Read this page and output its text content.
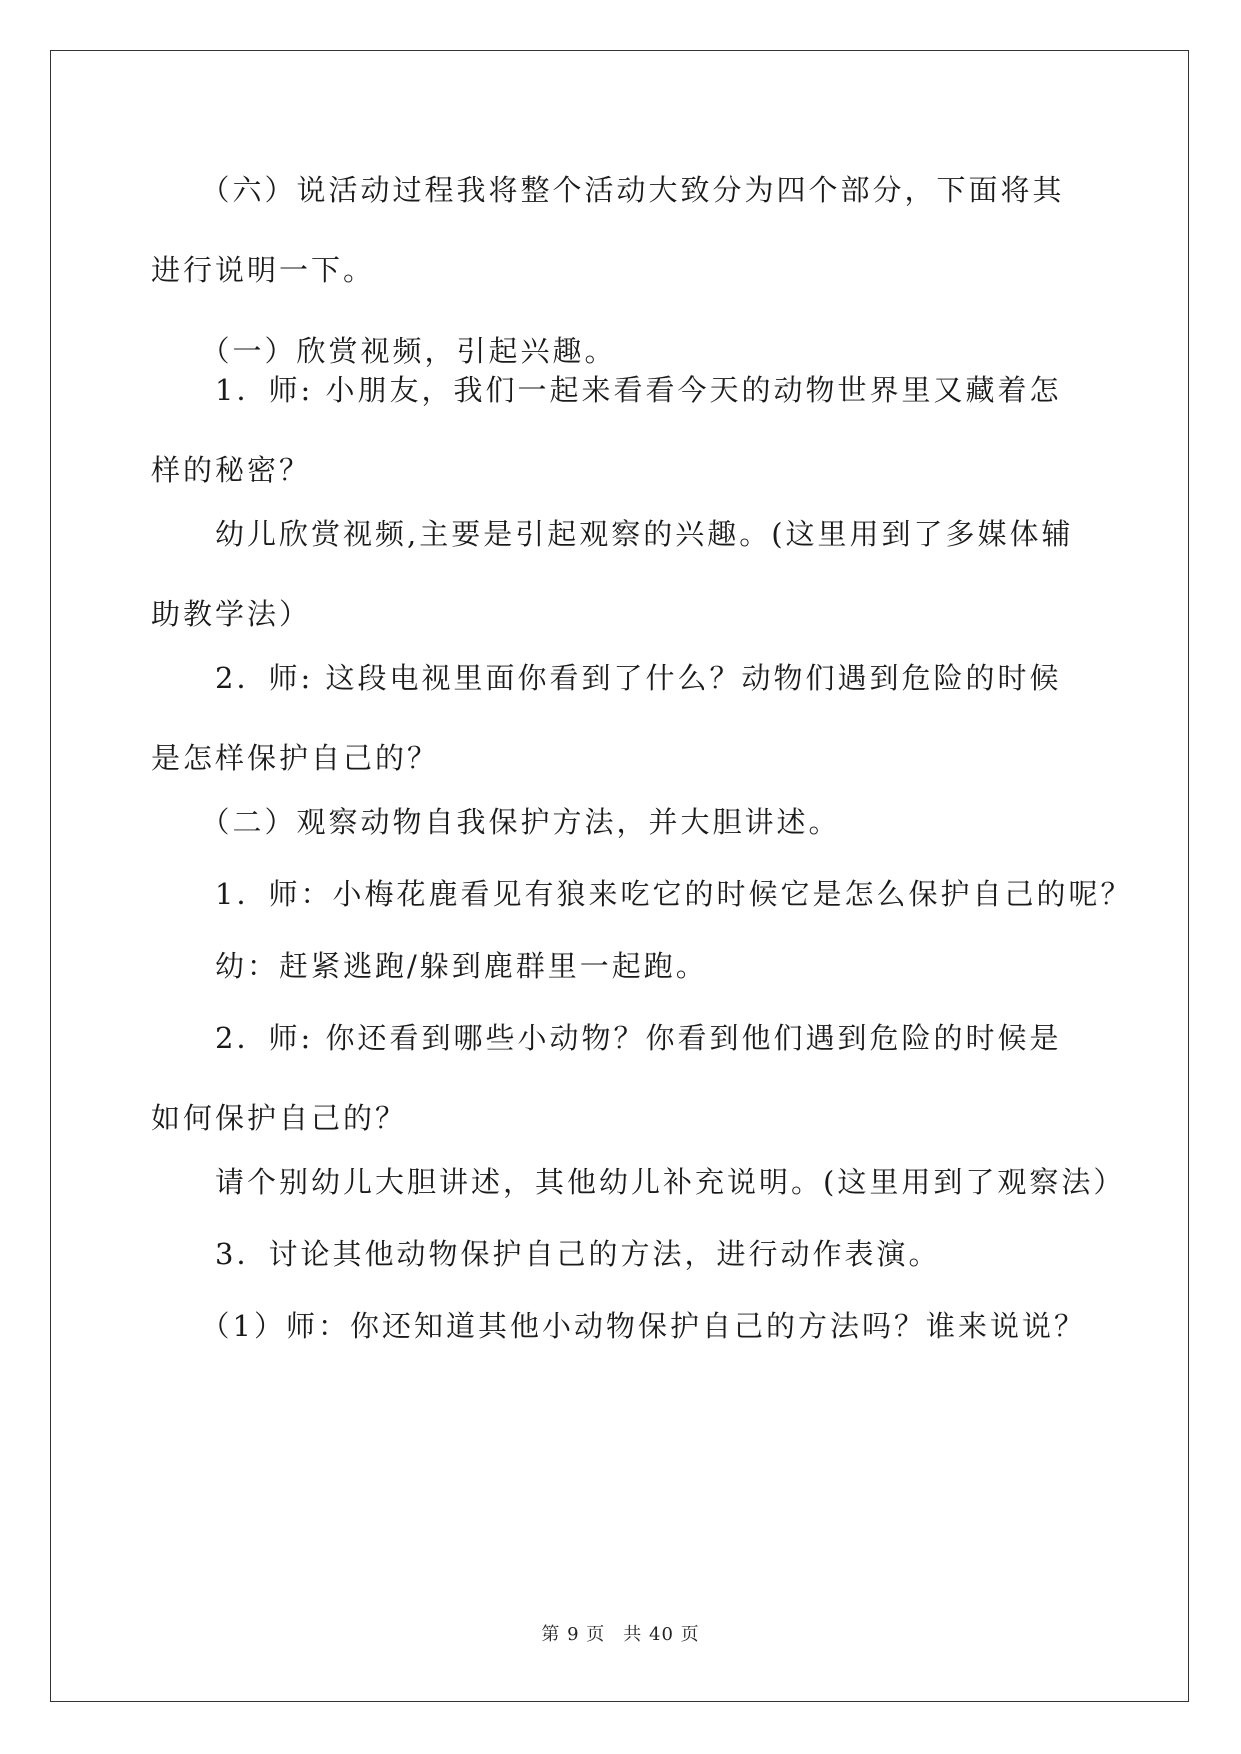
　　（六）说活动过程我将整个活动大致分为四个部分，下面将其进行说明一下。
　　（一）欣赏视频，引起兴趣。
　　1．师: 小朋友，我们一起来看看今天的动物世界里又藏着怎样的秘密？
　　幼儿欣赏视频,主要是引起观察的兴趣。(这里用到了多媒体辅助教学法）
　　2．师: 这段电视里面你看到了什么？动物们遇到危险的时候是怎样保护自己的？
　　（二）观察动物自我保护方法，并大胆讲述。
　　1．师：小梅花鹿看见有狼来吃它的时候它是怎么保护自己的呢？
　　幼：赶紧逃跑/躲到鹿群里一起跑。
　　2．师: 你还看到哪些小动物？你看到他们遇到危险的时候是如何保护自己的？
　　请个别幼儿大胆讲述，其他幼儿补充说明。(这里用到了观察法）
　　3．讨论其他动物保护自己的方法，进行动作表演。
　　（1）师：你还知道其他小动物保护自己的方法吗？谁来说说？
第 9 页 共 40 页
